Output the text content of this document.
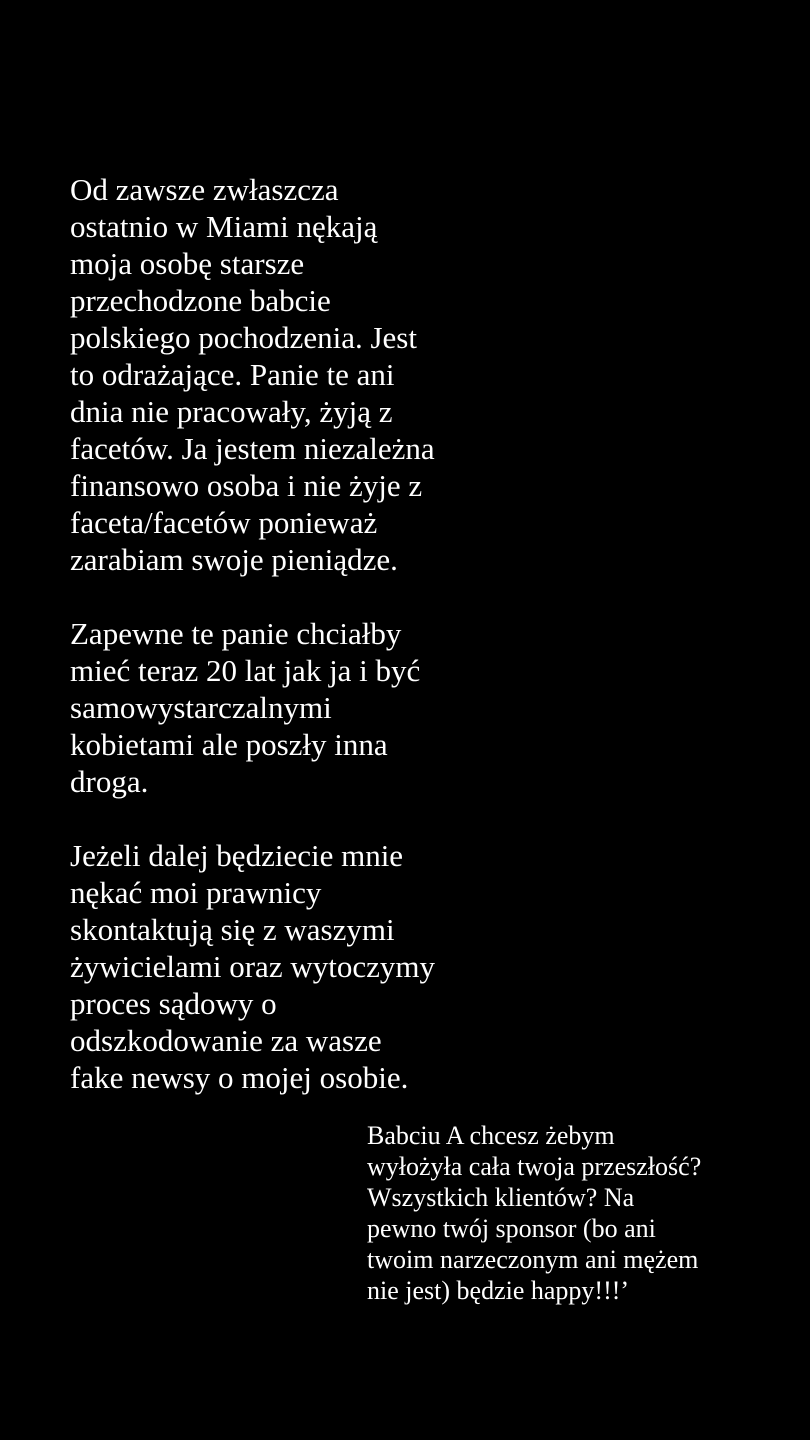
Od zawsze zwłaszcza
ostatnio w Miami nękają
moja osobę starsze
przechodzone babcie
polskiego pochodzenia. Jest
to odrażające. Panie te ani
dnia nie pracowały, żyją z
facetów. Ja jestem niezależna
finansowo osoba i nie żyje z
faceta/facetów ponieważ
zarabiam swoje pieniądze.

Zapewne te panie chciałby
mieć teraz 20 lat jak ja i być
samowystarczalnymi
kobietami ale poszły inna
droga.

Jeżeli dalej będziecie mnie
nękać moi prawnicy
skontaktują się z waszymi
żywicielami oraz wytoczymy
proces sądowy o
odszkodowanie za wasze
fake newsy o mojej osobie.

Babciu A chcesz żebym
wyłożyła cała twoja przeszłość?
Wszystkich klientów? Na
pewno twój sponsor (bo ani
twoim narzeczonym ani mężem
nie jest) będzie happy!!!’
